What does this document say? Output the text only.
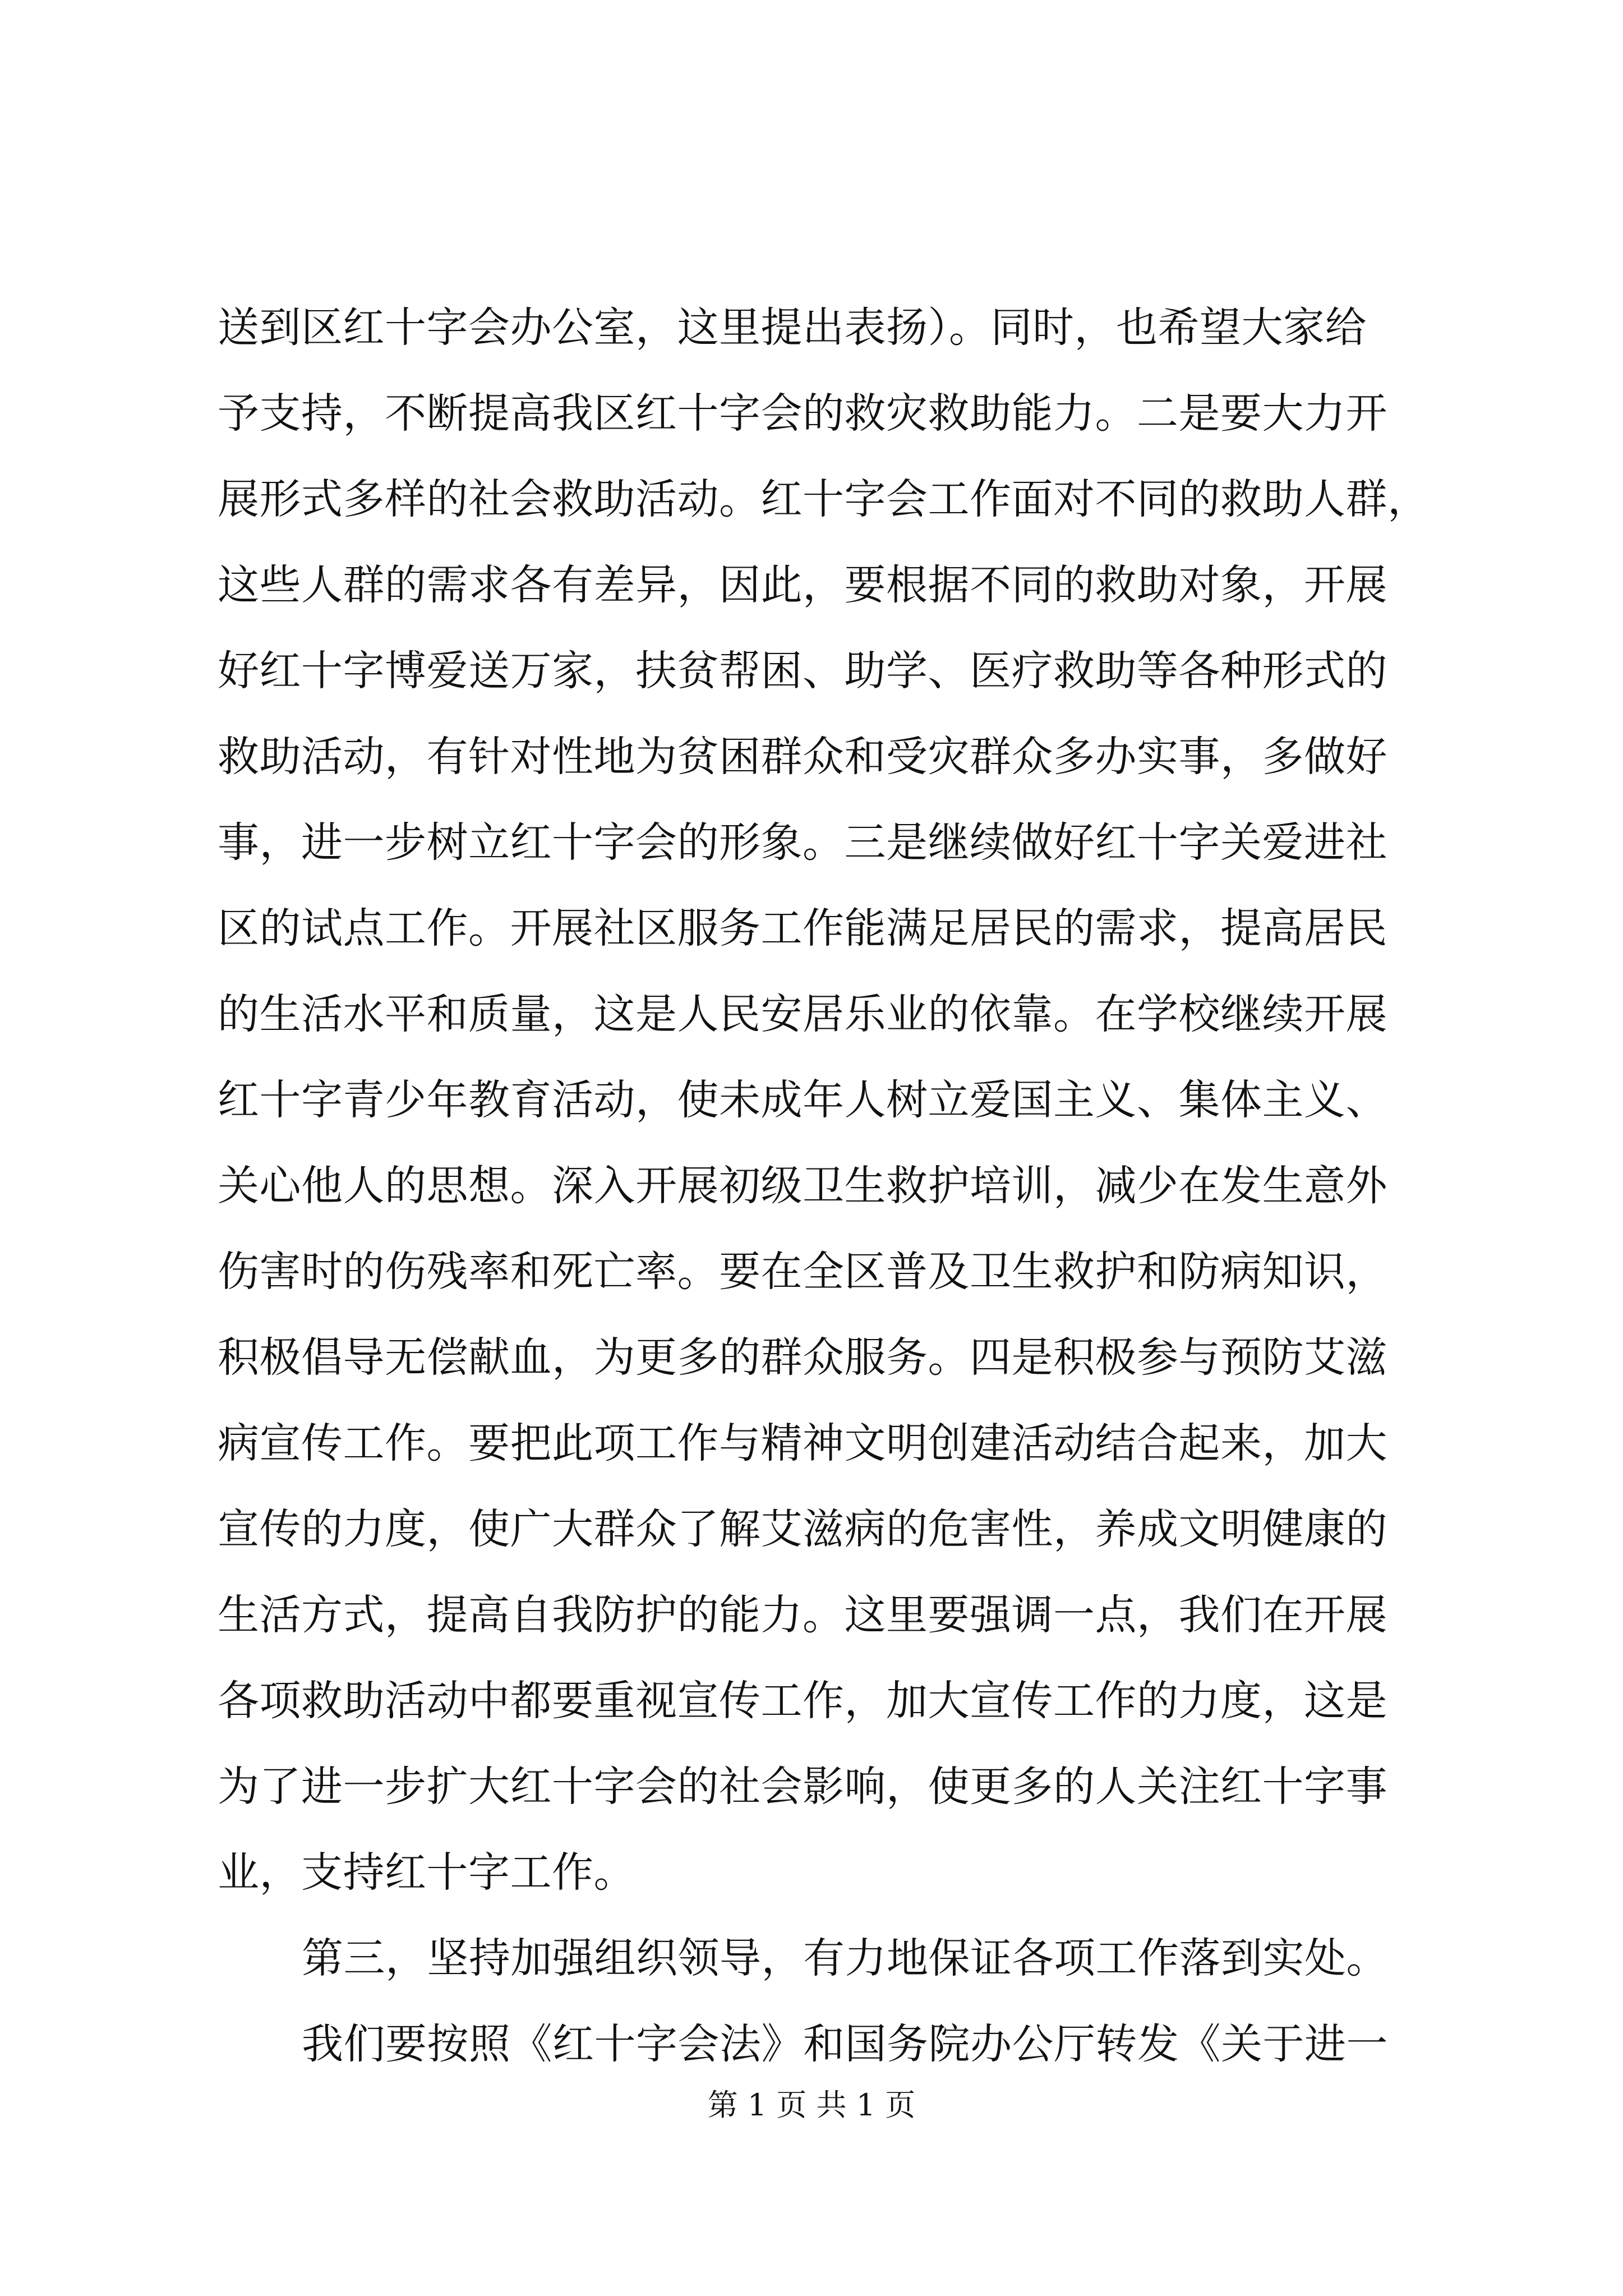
送到区红十字会办公室，这里提出表扬）。同时，也希望大家给
予支持，不断提高我区红十字会的救灾救助能力。二是要大力开
展形式多样的社会救助活动。红十字会工作面对不同的救助人群，
这些人群的需求各有差异，因此，要根据不同的救助对象，开展
好红十字博爱送万家，扶贫帮困、助学、医疗救助等各种形式的
救助活动，有针对性地为贫困群众和受灾群众多办实事，多做好
事，进一步树立红十字会的形象。三是继续做好红十字关爱进社
区的试点工作。开展社区服务工作能满足居民的需求，提高居民
的生活水平和质量，这是人民安居乐业的依靠。在学校继续开展
红十字青少年教育活动，使未成年人树立爱国主义、集体主义、
关心他人的思想。深入开展初级卫生救护培训，减少在发生意外
伤害时的伤残率和死亡率。要在全区普及卫生救护和防病知识，
积极倡导无偿献血，为更多的群众服务。四是积极参与预防艾滋
病宣传工作。要把此项工作与精神文明创建活动结合起来，加大
宣传的力度，使广大群众了解艾滋病的危害性，养成文明健康的
生活方式，提高自我防护的能力。这里要强调一点，我们在开展
各项救助活动中都要重视宣传工作，加大宣传工作的力度，这是
为了进一步扩大红十字会的社会影响，使更多的人关注红十字事
业，支持红十字工作。
第三，坚持加强组织领导，有力地保证各项工作落到实处。
我们要按照《红十字会法》和国务院办公厅转发《关于进一
第 1 页 共 1 页
